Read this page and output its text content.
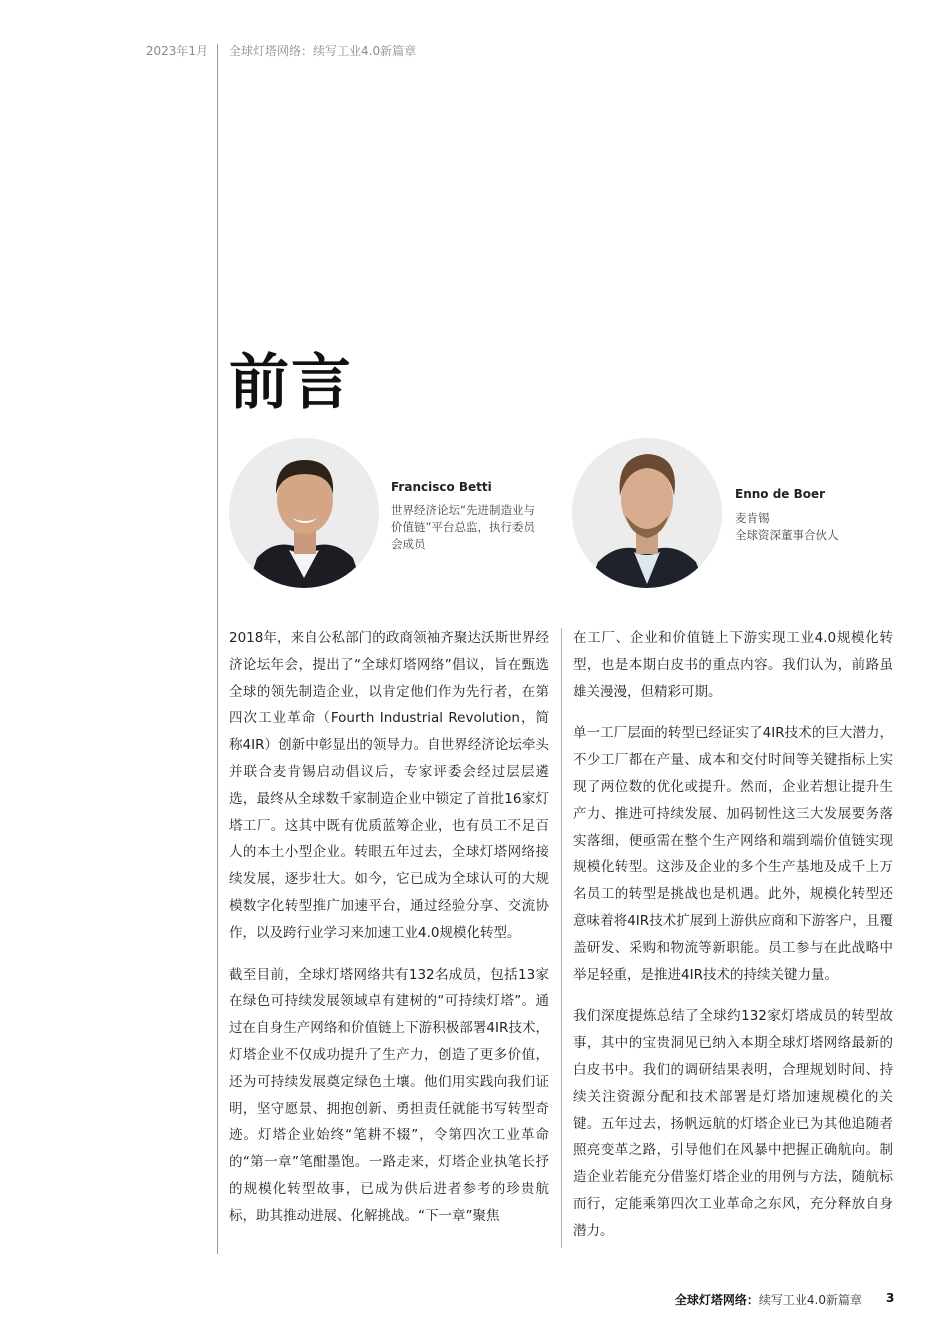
2023年1月 全球灯塔网络：续写工业4.0新篇章
前言
Francisco Betti
世界经济论坛“先进制造业与价值链”平台总监，执行委员会成员
Enno de Boer
麦肯锡
全球资深董事合伙人

2018年，来自公私部门的政商领袖齐聚达沃斯世界经济论坛年会，提出了“全球灯塔网络”倡议，旨在甄选全球的领先制造企业，以肯定他们作为先行者，在第四次工业革命（Fourth Industrial Revolution，简称4IR）创新中彰显出的领导力。自世界经济论坛牵头并联合麦肯锡启动倡议后，专家评委会经过层层遴选，最终从全球数千家制造企业中锁定了首批16家灯塔工厂。这其中既有优质蓝筹企业，也有员工不足百人的本土小型企业。转眼五年过去，全球灯塔网络接续发展，逐步壮大。如今，它已成为全球认可的大规模数字化转型推广加速平台，通过经验分享、交流协作，以及跨行业学习来加速工业4.0规模化转型。

截至目前，全球灯塔网络共有132名成员，包括13家在绿色可持续发展领域卓有建树的“可持续灯塔”。通过在自身生产网络和价值链上下游积极部署4IR技术，灯塔企业不仅成功提升了生产力，创造了更多价值，还为可持续发展奠定绿色土壤。他们用实践向我们证明，坚守愿景、拥抱创新、勇担责任就能书写转型奇迹。灯塔企业始终“笔耕不辍”，令第四次工业革命的“第一章”笔酣墨饱。一路走来，灯塔企业执笔长抒的规模化转型故事，已成为供后进者参考的珍贵航标，助其推动进展、化解挑战。“下一章”聚焦

在工厂、企业和价值链上下游实现工业4.0规模化转型，也是本期白皮书的重点内容。我们认为，前路虽雄关漫漫，但精彩可期。

单一工厂层面的转型已经证实了4IR技术的巨大潜力，不少工厂都在产量、成本和交付时间等关键指标上实现了两位数的优化或提升。然而，企业若想让提升生产力、推进可持续发展、加码韧性这三大发展要务落实落细，便亟需在整个生产网络和端到端价值链实现规模化转型。这涉及企业的多个生产基地及成千上万名员工的转型是挑战也是机遇。此外，规模化转型还意味着将4IR技术扩展到上游供应商和下游客户，且覆盖研发、采购和物流等新职能。员工参与在此战略中举足轻重，是推进4IR技术的持续关键力量。

我们深度提炼总结了全球约132家灯塔成员的转型故事，其中的宝贵洞见已纳入本期全球灯塔网络最新的白皮书中。我们的调研结果表明，合理规划时间、持续关注资源分配和技术部署是灯塔加速规模化的关键。五年过去，扬帆远航的灯塔企业已为其他追随者照亮变革之路，引导他们在风暴中把握正确航向。制造企业若能充分借鉴灯塔企业的用例与方法，随航标而行，定能乘第四次工业革命之东风，充分释放自身潜力。

全球灯塔网络：续写工业4.0新篇章 3
